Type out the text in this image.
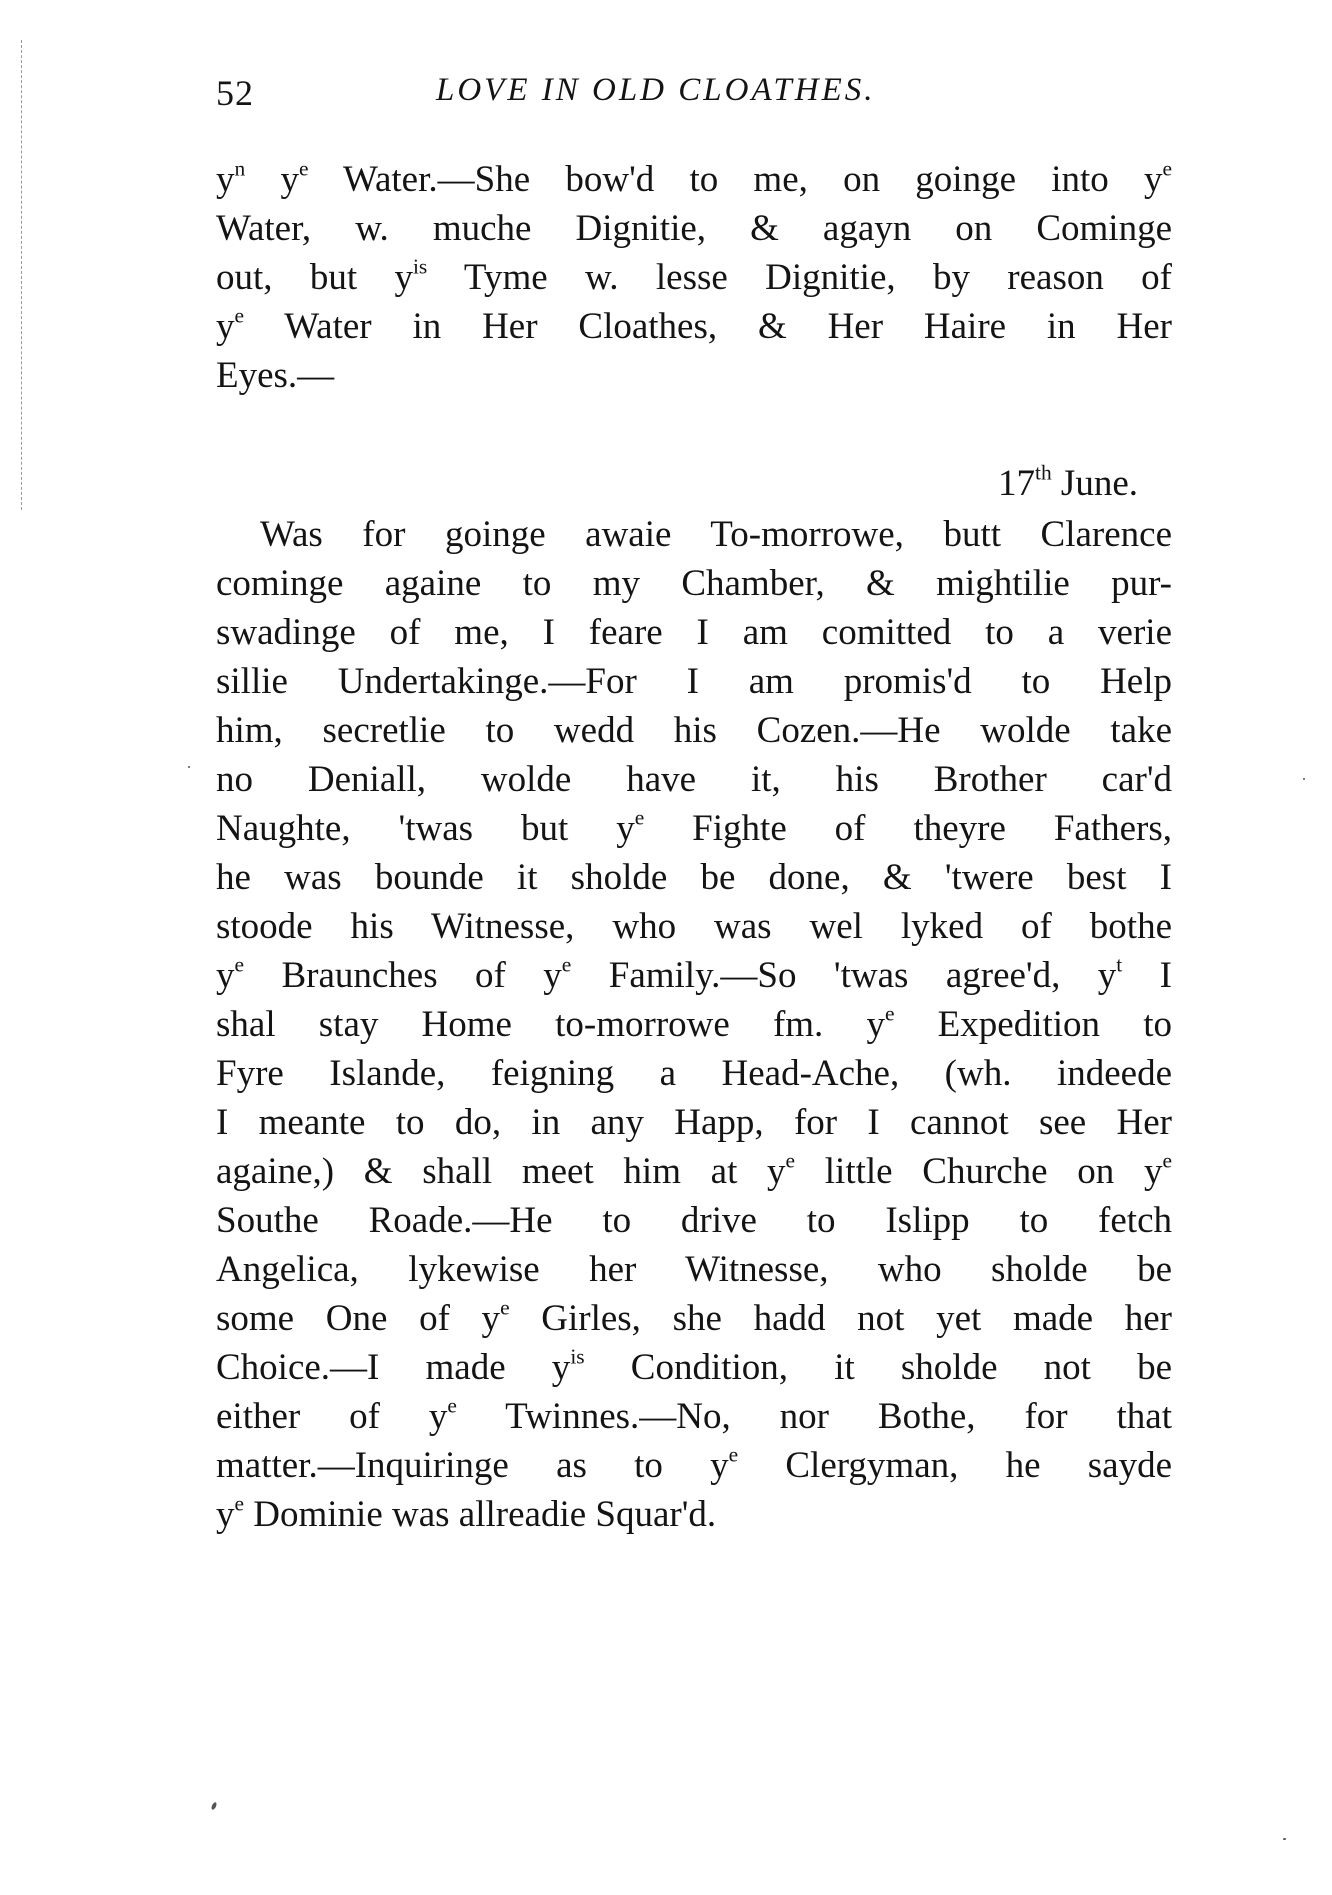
52	LOVE IN OLD CLOATHES.
$y^n$ $y^e$ Water.—She bow'd to me, on goinge into $y^e$
Water, w. muche Dignitie, & agayn on Cominge
out, but $y^{is}$ Tyme w. lesse Dignitie, by reason of
$y^e$ Water in Her Cloathes, & Her Haire in Her
Eyes.—
17th June.
Was for goinge awaie To-morrowe, butt Clarence
cominge againe to my Chamber, & mightilie pur-
swadinge of me, I feare I am comitted to a verie
sillie Undertakinge.—For I am promis'd to Help
him, secretlie to wedd his Cozen.—He wolde take
no Deniall, wolde have it, his Brother car'd
Naughte, 'twas but $y^e$ Fighte of theyre Fathers,
he was bounde it sholde be done, & 'twere best I
stoode his Witnesse, who was wel lyked of bothe
$y^e$ Braunches of $y^e$ Family.—So 'twas agree'd, $y^t$ I
shal stay Home to-morrowe fm. $y^e$ Expedition to
Fyre Islande, feigning a Head-Ache, (wh. indeede
I meante to do, in any Happ, for I cannot see Her
againe,) & shall meet him at $y^e$ little Churche on $y^e$
Southe Roade.—He to drive to Islipp to fetch
Angelica, lykewise her Witnesse, who sholde be
some One of $y^e$ Girles, she hadd not yet made her
Choice.—I made $y^{is}$ Condition, it sholde not be
either of $y^e$ Twinnes.—No, nor Bothe, for that
matter.—Inquiringe as to $y^e$ Clergyman, he sayde
$y^e$ Dominie was allreadie Squar'd.
